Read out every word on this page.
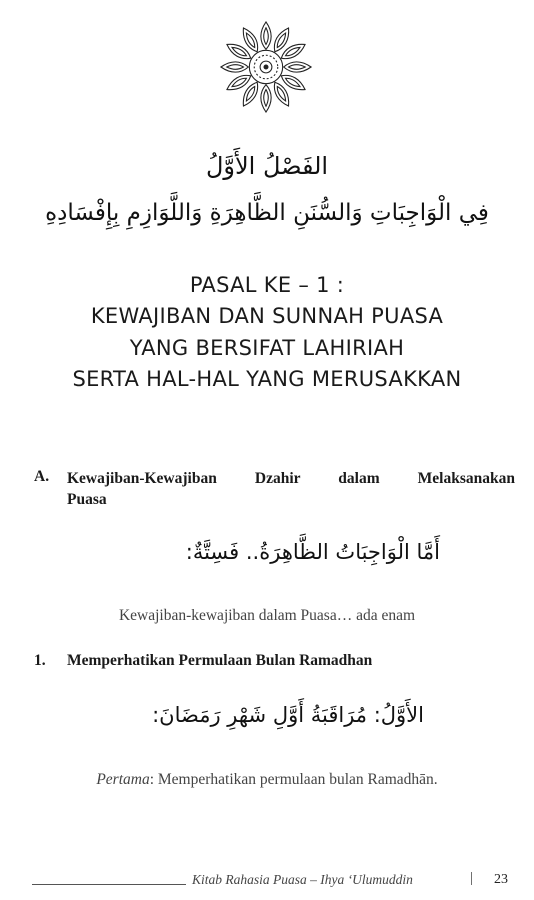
الفَصْلُ الأَوَّلُ
فِي الْوَاجِبَاتِ وَالسُّنَنِ الظَّاهِرَةِ وَاللَّوَازِمِ بِإِفْسَادِهِ
PASAL KE – 1 :
KEWAJIBAN DAN SUNNAH PUASA
YANG BERSIFAT LAHIRIAH
SERTA HAL-HAL YANG MERUSAKKAN
A. Kewajiban-Kewajiban Dzahir dalam Melaksanakan
Puasa
أَمَّا الْوَاجِبَاتُ الظَّاهِرَةُ.. فَسِتَّةٌ:
Kewajiban-kewajiban dalam Puasa… ada enam
1. Memperhatikan Permulaan Bulan Ramadhan
الأَوَّلُ: مُرَاقَبَةُ أَوَّلِ شَهْرِ رَمَضَانَ:
Pertama: Memperhatikan permulaan bulan Ramadhān.
Kitab Rahasia Puasa – Ihya ‘Ulumuddin	| 23
